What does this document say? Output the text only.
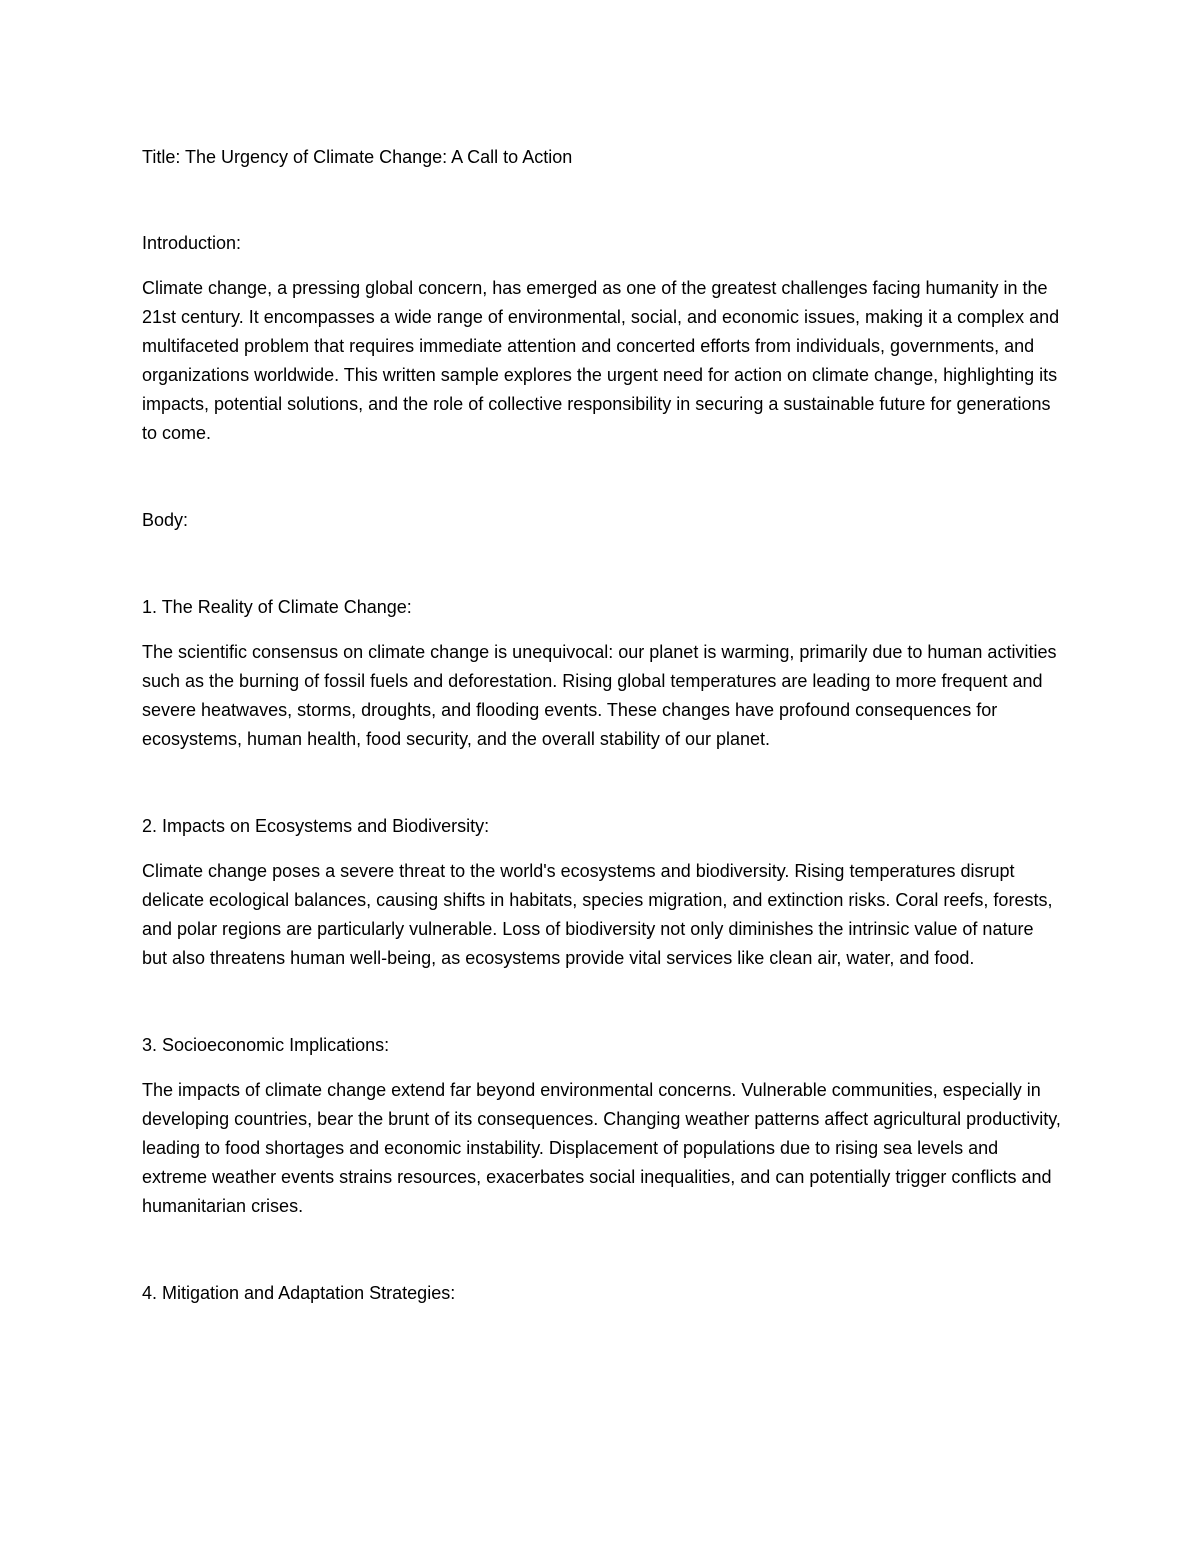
Title: The Urgency of Climate Change: A Call to Action

Introduction:

Climate change, a pressing global concern, has emerged as one of the greatest challenges facing humanity in the 21st century. It encompasses a wide range of environmental, social, and economic issues, making it a complex and multifaceted problem that requires immediate attention and concerted efforts from individuals, governments, and organizations worldwide. This written sample explores the urgent need for action on climate change, highlighting its impacts, potential solutions, and the role of collective responsibility in securing a sustainable future for generations to come.

Body:

1. The Reality of Climate Change:

The scientific consensus on climate change is unequivocal: our planet is warming, primarily due to human activities such as the burning of fossil fuels and deforestation. Rising global temperatures are leading to more frequent and severe heatwaves, storms, droughts, and flooding events. These changes have profound consequences for ecosystems, human health, food security, and the overall stability of our planet.

2. Impacts on Ecosystems and Biodiversity:

Climate change poses a severe threat to the world's ecosystems and biodiversity. Rising temperatures disrupt delicate ecological balances, causing shifts in habitats, species migration, and extinction risks. Coral reefs, forests, and polar regions are particularly vulnerable. Loss of biodiversity not only diminishes the intrinsic value of nature but also threatens human well-being, as ecosystems provide vital services like clean air, water, and food.

3. Socioeconomic Implications:

The impacts of climate change extend far beyond environmental concerns. Vulnerable communities, especially in developing countries, bear the brunt of its consequences. Changing weather patterns affect agricultural productivity, leading to food shortages and economic instability. Displacement of populations due to rising sea levels and extreme weather events strains resources, exacerbates social inequalities, and can potentially trigger conflicts and humanitarian crises.

4. Mitigation and Adaptation Strategies:
